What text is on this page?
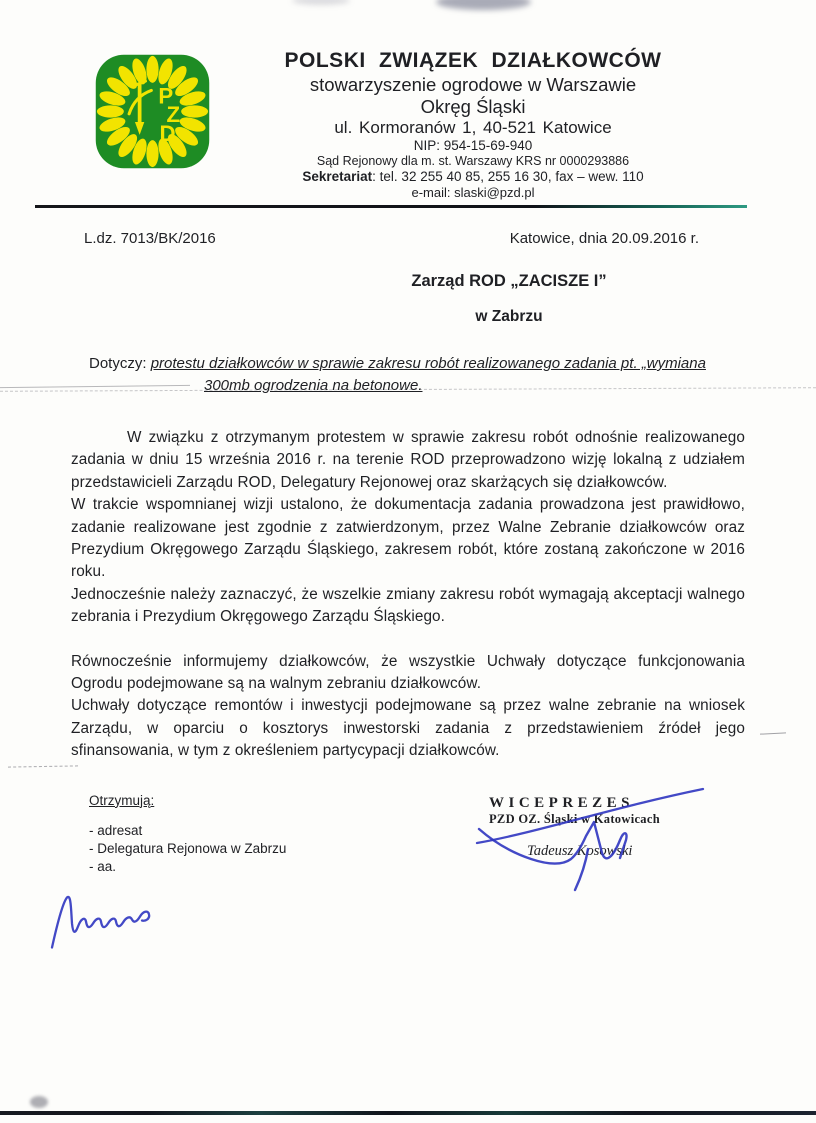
P
Z
D
POLSKI ZWIĄZEK DZIAŁKOWCÓW
stowarzyszenie ogrodowe w Warszawie
Okręg Śląski
ul. Kormoranów 1, 40-521 Katowice
NIP: 954-15-69-940
Sąd Rejonowy dla m. st. Warszawy KRS nr 0000293886
Sekretariat: tel. 32 255 40 85, 255 16 30, fax – wew. 110
e-mail: slaski@pzd.pl
L.dz. 7013/BK/2016	Katowice, dnia 20.09.2016 r.
Zarząd ROD „ZACISZE I”
w Zabrzu
Dotyczy: protestu działkowców w sprawie zakresu robót realizowanego zadania pt. „wymiana
300mb ogrodzenia na betonowe.

W związku z otrzymanym protestem w sprawie zakresu robót odnośnie realizowanego zadania w dniu 15 września 2016 r. na terenie ROD przeprowadzono wizję lokalną z udziałem przedstawicieli Zarządu ROD, Delegatury Rejonowej oraz skarżących się działkowców.

W trakcie wspomnianej wizji ustalono, że dokumentacja zadania prowadzona jest prawidłowo, zadanie realizowane jest zgodnie z zatwierdzonym, przez Walne Zebranie działkowców oraz Prezydium Okręgowego Zarządu Śląskiego, zakresem robót, które zostaną zakończone w 2016 roku.

Jednocześnie należy zaznaczyć, że wszelkie zmiany zakresu robót wymagają akceptacji walnego zebrania i Prezydium Okręgowego Zarządu Śląskiego.

Równocześnie informujemy działkowców, że wszystkie Uchwały dotyczące funkcjonowania Ogrodu podejmowane są na walnym zebraniu działkowców.

Uchwały dotyczące remontów i inwestycji podejmowane są przez walne zebranie na wniosek Zarządu, w oparciu o kosztorys inwestorski zadania z przedstawieniem źródeł jego sfinansowania, w tym z określeniem partycypacji działkowców.

Otrzymują:
- adresat
- Delegatura Rejonowa w Zabrzu
- aa.
WICEPREZES
PZD OZ. Śląski w Katowicach
Tadeusz Kosowski
